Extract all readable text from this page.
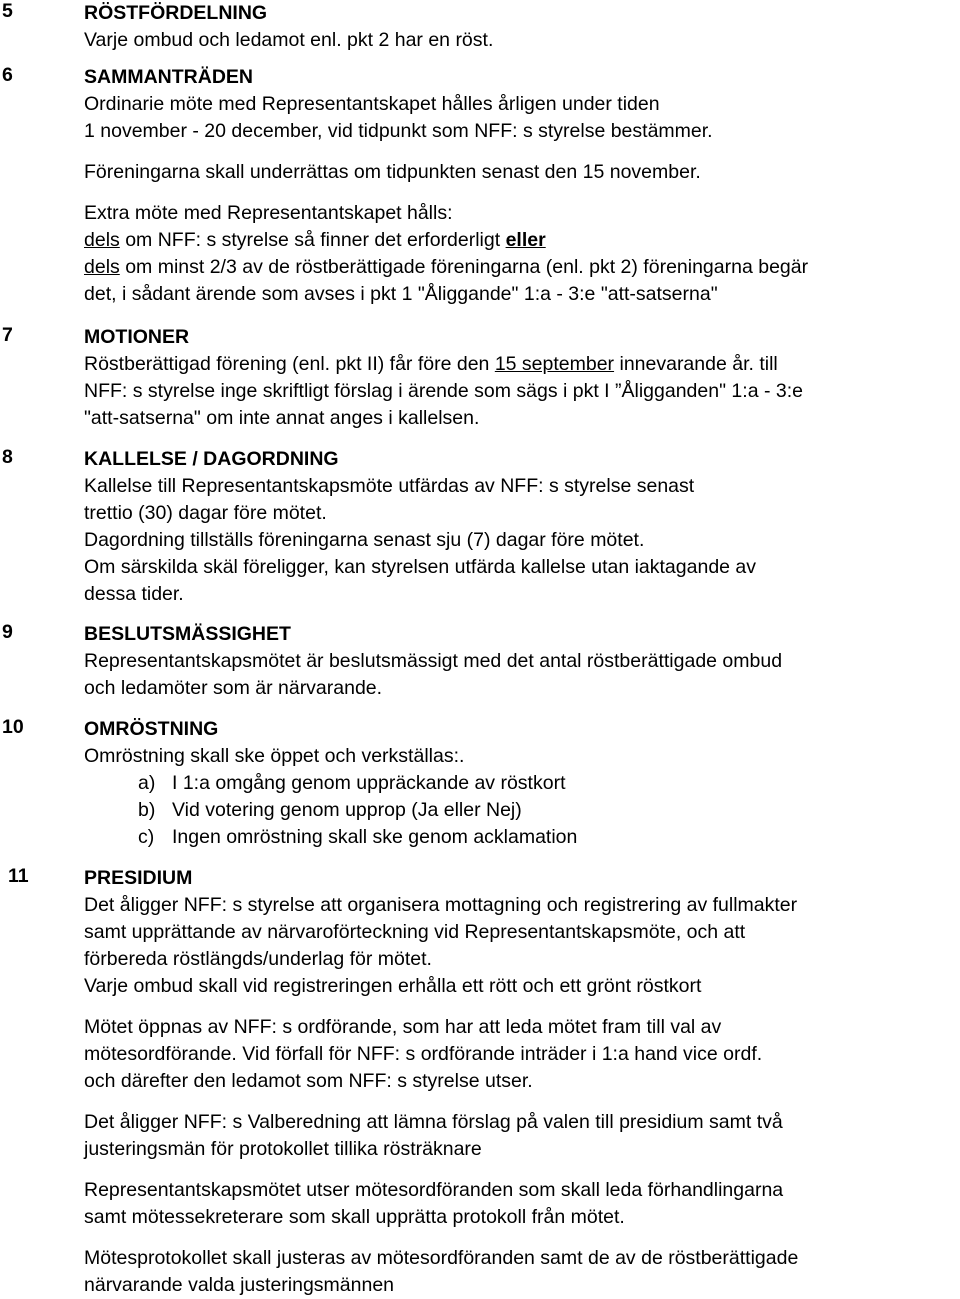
5	RÖSTFÖRDELNING
Varje ombud och ledamot enl. pkt 2 har en röst.
6	SAMMANTRÄDEN
Ordinarie möte med Representantskapet hålles årligen under tiden
1 november - 20 december, vid tidpunkt som NFF: s styrelse bestämmer.
Föreningarna skall underrättas om tidpunkten senast den 15 november.
Extra möte med Representantskapet hålls:
dels om NFF: s styrelse så finner det erforderligt eller
dels om minst 2/3 av de röstberättigade föreningarna (enl. pkt 2) föreningarna begär
det, i sådant ärende som avses i pkt 1 "Åliggande" 1:a - 3:e "att-satserna"
7	MOTIONER
Röstberättigad förening (enl. pkt II) får före den 15 september innevarande år. till
NFF: s styrelse inge skriftligt förslag i ärende som sägs i pkt I ”Åligganden" 1:a - 3:e
"att-satserna" om inte annat anges i kallelsen.
8	KALLELSE / DAGORDNING
Kallelse till Representantskapsmöte utfärdas av NFF: s styrelse senast
trettio (30) dagar före mötet.
Dagordning tillställs föreningarna senast sju (7) dagar före mötet.
Om särskilda skäl föreligger, kan styrelsen utfärda kallelse utan iaktagande av
dessa tider.
9	BESLUTSMÄSSIGHET
Representantskapsmötet är beslutsmässigt med det antal röstberättigade ombud
och ledamöter som är närvarande.
10	OMRÖSTNING
Omröstning skall ske öppet och verkställas:.
a) I 1:a omgång genom uppräckande av röstkort
b) Vid votering genom upprop (Ja eller Nej)
c) Ingen omröstning skall ske genom acklamation
11	PRESIDIUM
Det åligger NFF: s styrelse att organisera mottagning och registrering av fullmakter
samt upprättande av närvaroförteckning vid Representantskapsmöte, och att
förbereda röstlängds/underlag för mötet.
Varje ombud skall vid registreringen erhålla ett rött och ett grönt röstkort
Mötet öppnas av NFF: s ordförande, som har att leda mötet fram till val av
mötesordförande. Vid förfall för NFF: s ordförande inträder i 1:a hand vice ordf.
och därefter den ledamot som NFF: s styrelse utser.
Det åligger NFF: s Valberedning att lämna förslag på valen till presidium samt två
justeringsmän för protokollet tillika rösträknare
Representantskapsmötet utser mötesordföranden som skall leda förhandlingarna
samt mötessekreterare som skall upprätta protokoll från mötet.
Mötesprotokollet skall justeras av mötesordföranden samt de av de röstberättigade
närvarande valda justeringsmännen
